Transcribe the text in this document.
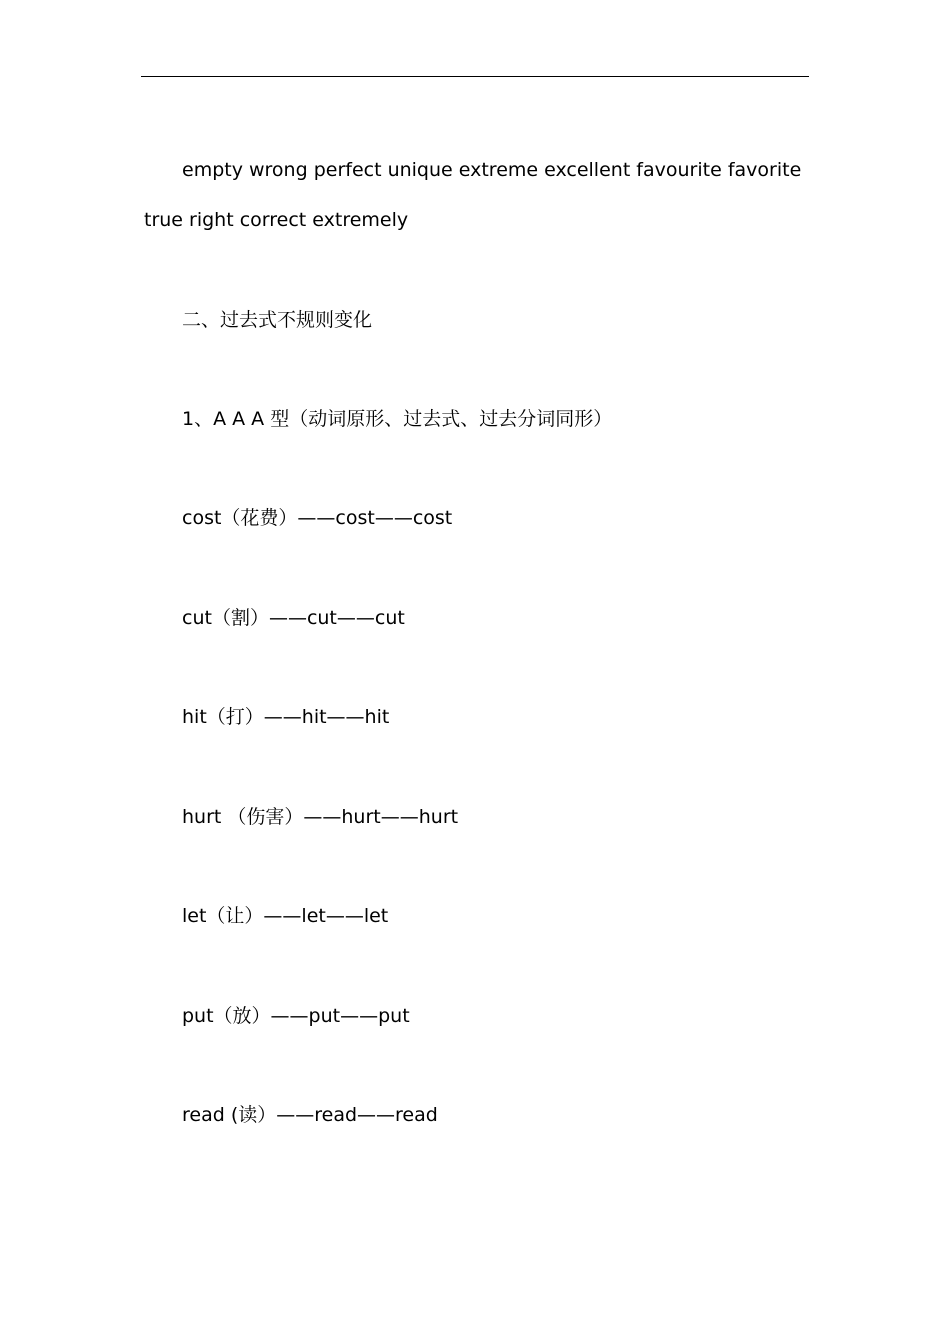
empty wrong perfect unique extreme excellent favourite favorite
true right correct extremely
二、过去式不规则变化
1、A A A 型（动词原形、过去式、过去分词同形）
cost（花费）——cost——cost
cut（割）——cut——cut
hit（打）——hit——hit
hurt （伤害）——hurt——hurt
let（让）——let——let
put（放）——put——put
read (读）——read——read
